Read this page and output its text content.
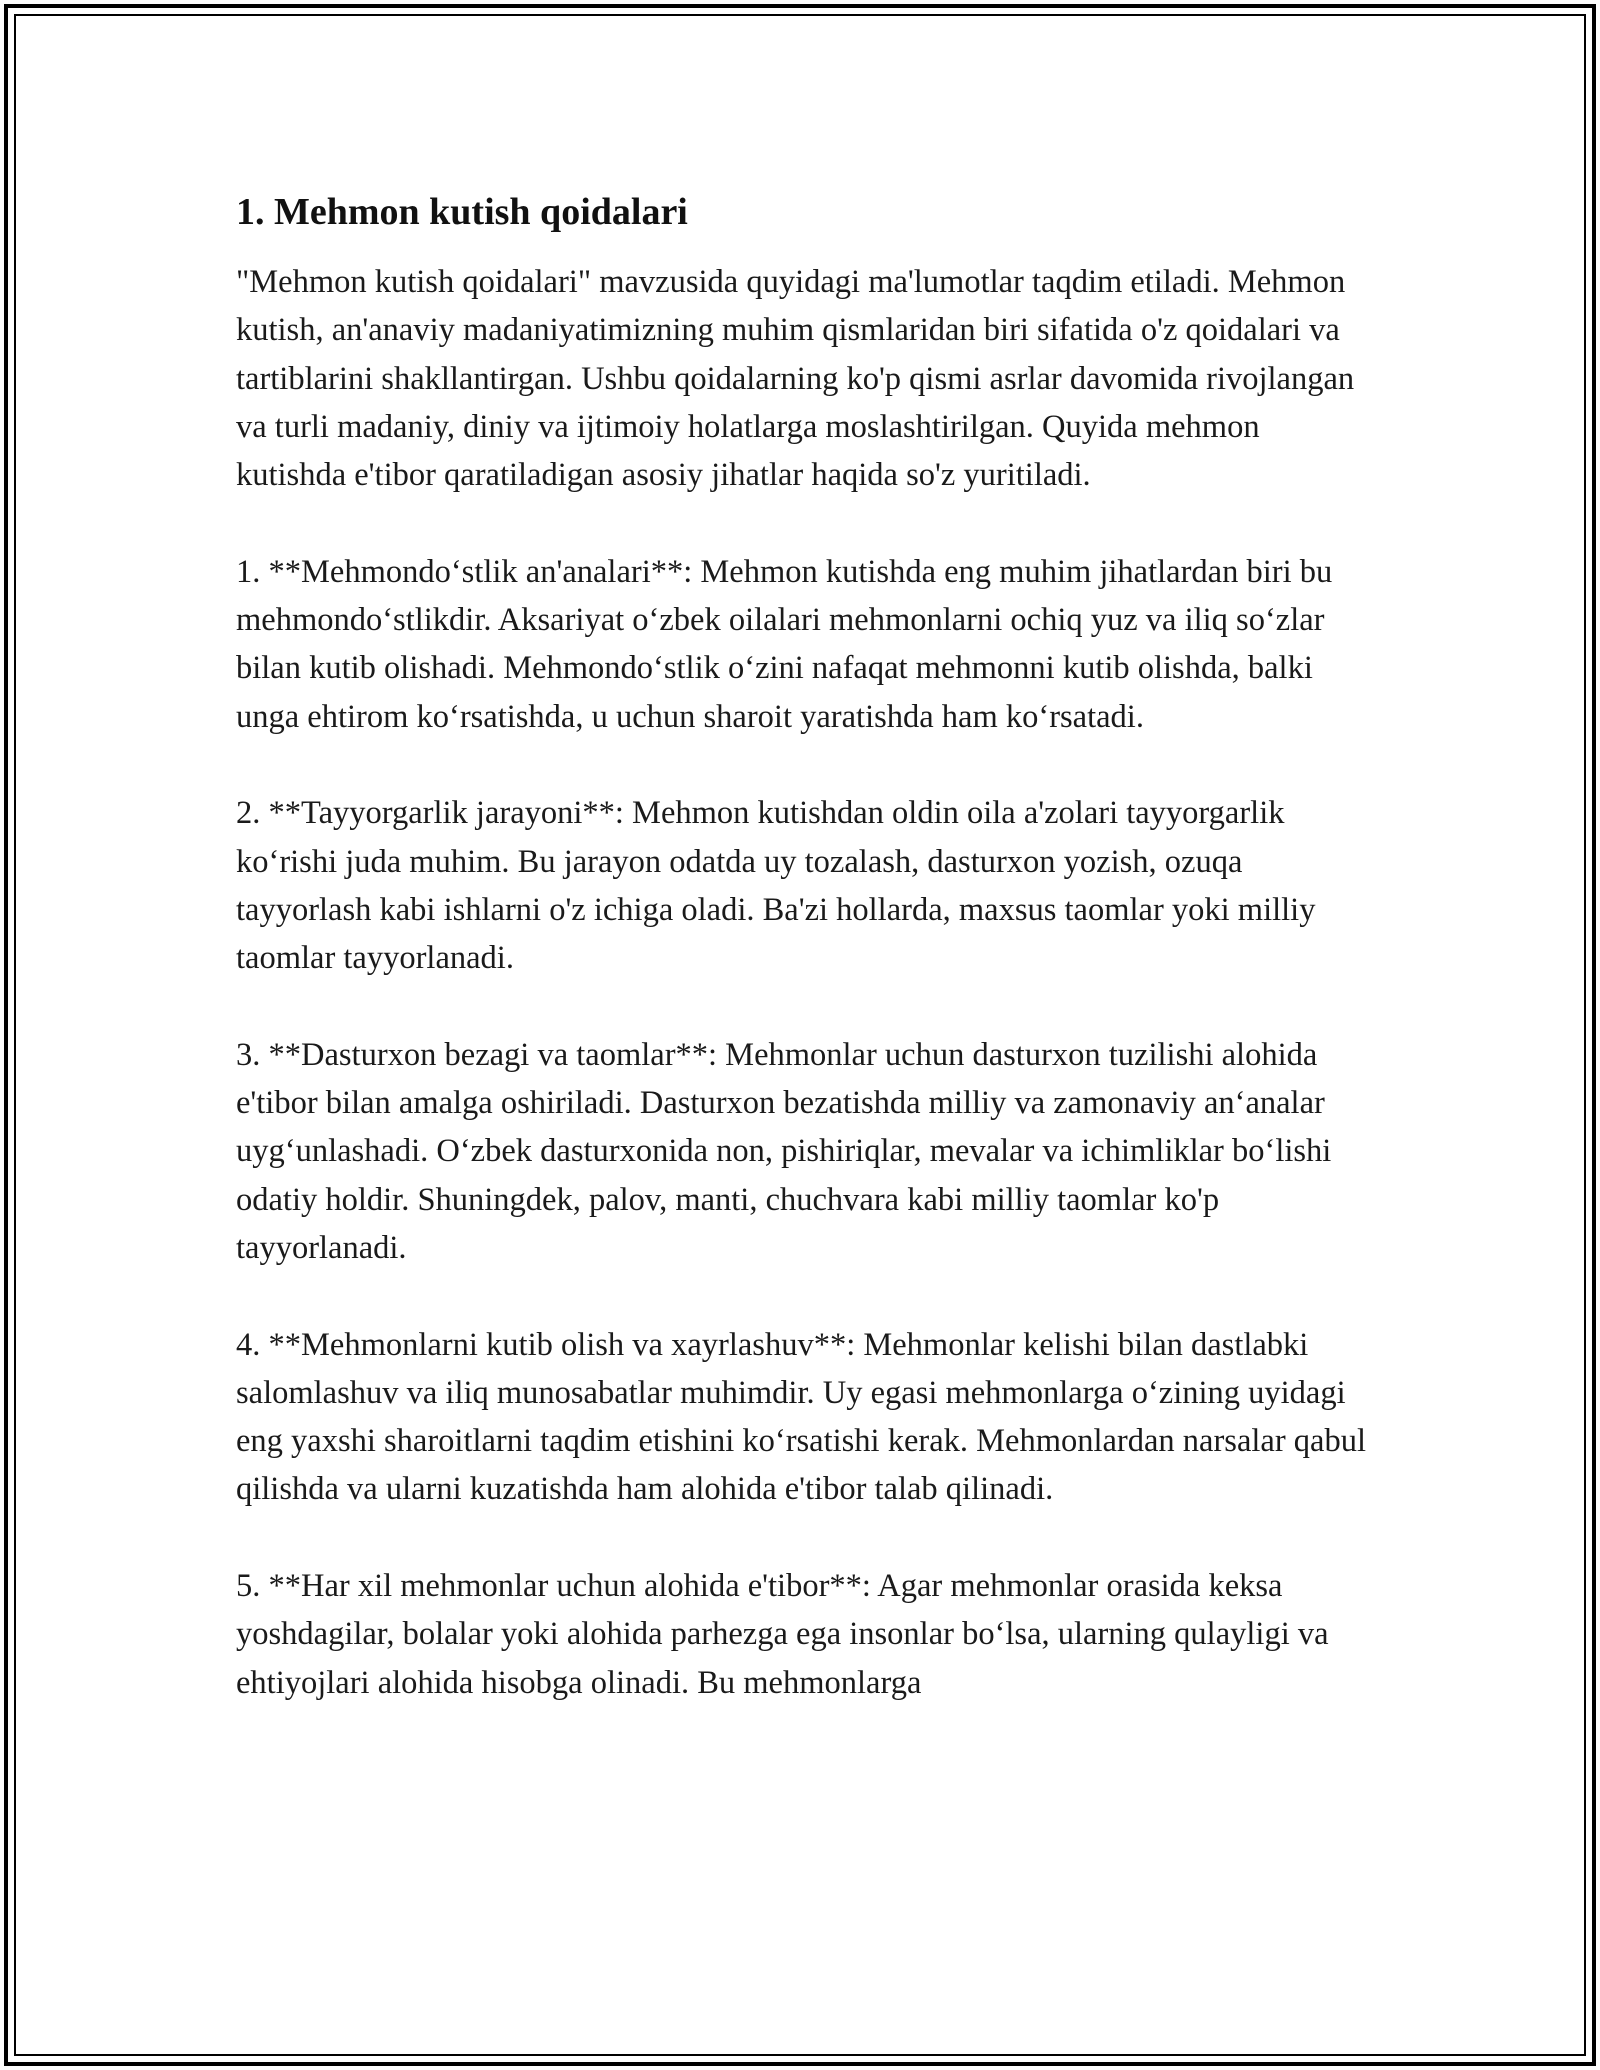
1. Mehmon kutish qoidalari

"Mehmon kutish qoidalari" mavzusida quyidagi ma'lumotlar taqdim etiladi. Mehmon kutish, an'anaviy madaniyatimizning muhim qismlaridan biri sifatida o'z qoidalari va tartiblarini shakllantirgan. Ushbu qoidalarning ko'p qismi asrlar davomida rivojlangan va turli madaniy, diniy va ijtimoiy holatlarga moslashtirilgan. Quyida mehmon kutishda e'tibor qaratiladigan asosiy jihatlar haqida so'z yuritiladi.

1. **Mehmondo‘stlik an'analari**: Mehmon kutishda eng muhim jihatlardan biri bu mehmondo‘stlikdir. Aksariyat o‘zbek oilalari mehmonlarni ochiq yuz va iliq so‘zlar bilan kutib olishadi. Mehmondo‘stlik o‘zini nafaqat mehmonni kutib olishda, balki unga ehtirom ko‘rsatishda, u uchun sharoit yaratishda ham ko‘rsatadi.

2. **Tayyorgarlik jarayoni**: Mehmon kutishdan oldin oila a'zolari tayyorgarlik ko‘rishi juda muhim. Bu jarayon odatda uy tozalash, dasturxon yozish, ozuqa tayyorlash kabi ishlarni o'z ichiga oladi. Ba'zi hollarda, maxsus taomlar yoki milliy taomlar tayyorlanadi.

3. **Dasturxon bezagi va taomlar**: Mehmonlar uchun dasturxon tuzilishi alohida e'tibor bilan amalga oshiriladi. Dasturxon bezatishda milliy va zamonaviy an‘analar uyg‘unlashadi. O‘zbek dasturxonida non, pishiriqlar, mevalar va ichimliklar bo‘lishi odatiy holdir. Shuningdek, palov, manti, chuchvara kabi milliy taomlar ko'p tayyorlanadi.

4. **Mehmonlarni kutib olish va xayrlashuv**: Mehmonlar kelishi bilan dastlabki salomlashuv va iliq munosabatlar muhimdir. Uy egasi mehmonlarga o‘zining uyidagi eng yaxshi sharoitlarni taqdim etishini ko‘rsatishi kerak. Mehmonlardan narsalar qabul qilishda va ularni kuzatishda ham alohida e'tibor talab qilinadi.

5. **Har xil mehmonlar uchun alohida e'tibor**: Agar mehmonlar orasida keksa yoshdagilar, bolalar yoki alohida parhezga ega insonlar bo‘lsa, ularning qulayligi va ehtiyojlari alohida hisobga olinadi. Bu mehmonlarga
